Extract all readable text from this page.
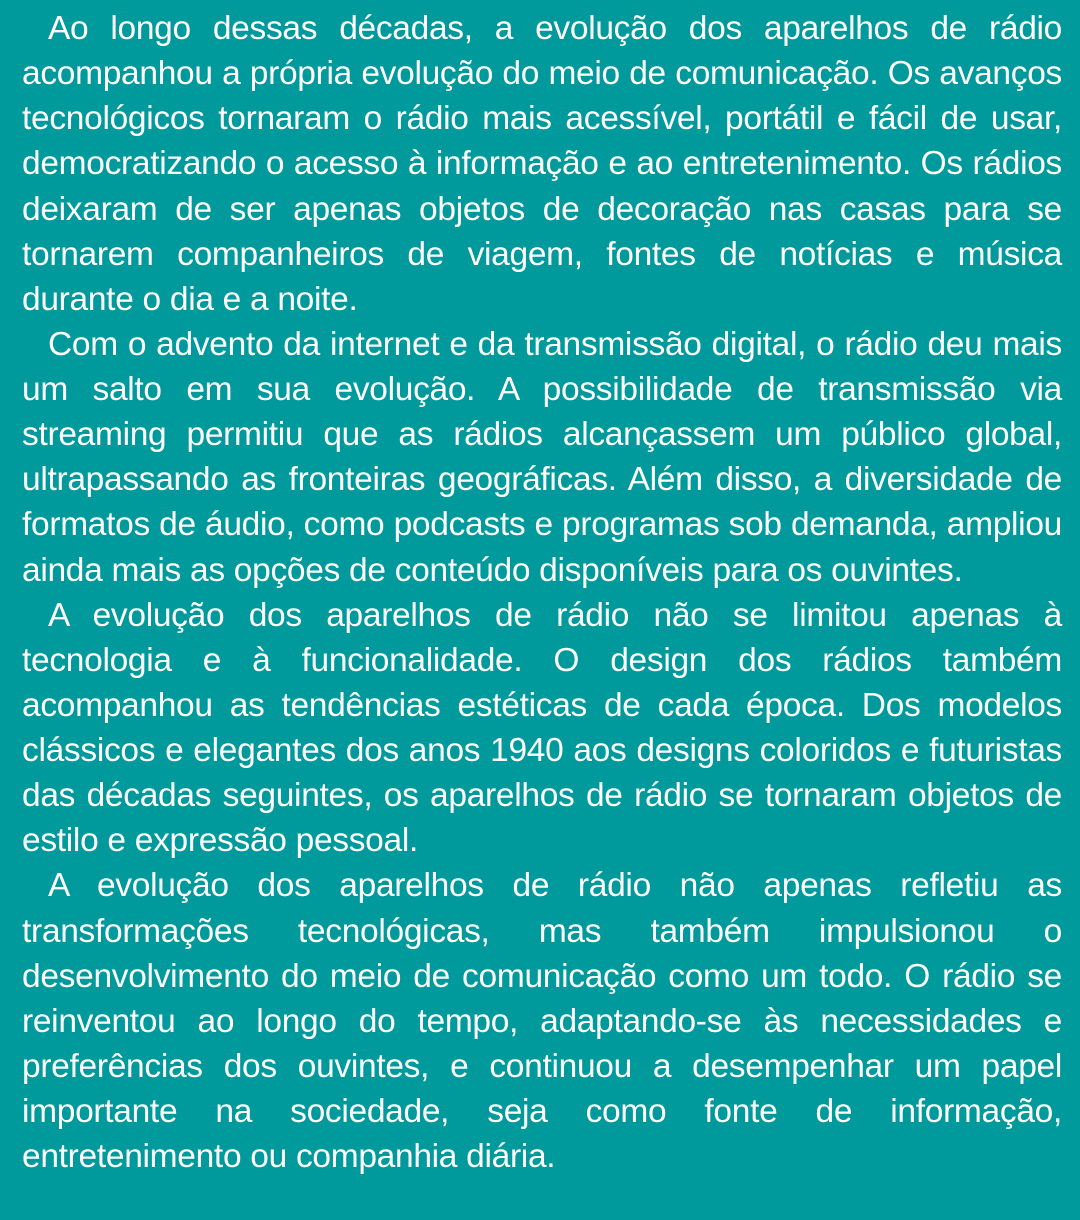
Ao longo dessas décadas, a evolução dos aparelhos de rádio acompanhou a própria evolução do meio de comunicação. Os avanços tecnológicos tornaram o rádio mais acessível, portátil e fácil de usar, democratizando o acesso à informação e ao entretenimento. Os rádios deixaram de ser apenas objetos de decoração nas casas para se tornarem companheiros de viagem, fontes de notícias e música durante o dia e a noite.

Com o advento da internet e da transmissão digital, o rádio deu mais um salto em sua evolução. A possibilidade de transmissão via streaming permitiu que as rádios alcançassem um público global, ultrapassando as fronteiras geográficas. Além disso, a diversidade de formatos de áudio, como podcasts e programas sob demanda, ampliou ainda mais as opções de conteúdo disponíveis para os ouvintes.

A evolução dos aparelhos de rádio não se limitou apenas à tecnologia e à funcionalidade. O design dos rádios também acompanhou as tendências estéticas de cada época. Dos modelos clássicos e elegantes dos anos 1940 aos designs coloridos e futuristas das décadas seguintes, os aparelhos de rádio se tornaram objetos de estilo e expressão pessoal.

A evolução dos aparelhos de rádio não apenas refletiu as transformações tecnológicas, mas também impulsionou o desenvolvimento do meio de comunicação como um todo. O rádio se reinventou ao longo do tempo, adaptando-se às necessidades e preferências dos ouvintes, e continuou a desempenhar um papel importante na sociedade, seja como fonte de informação, entretenimento ou companhia diária.
